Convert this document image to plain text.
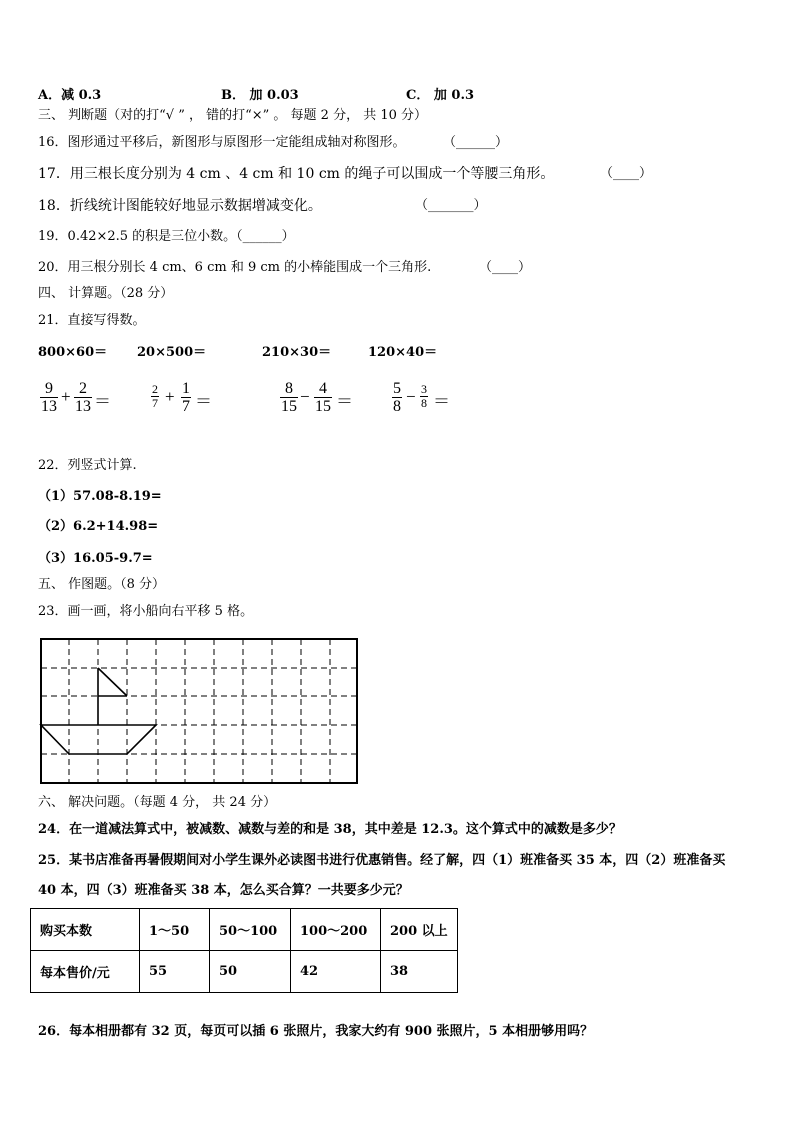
A．减 0.3	B． 加 0.03	C． 加 0.3
三、 判断题（对的打“√ ” ， 错的打“×” 。 每题 2 分， 共 10 分）
16．图形通过平移后，新图形与原图形一定能组成轴对称图形。	（______）
17．用三根长度分别为 4 cm 、4 cm 和 10 cm 的绳子可以围成一个等腰三角形。	（____）
18．折线统计图能较好地显示数据增减变化。	（_______）
19．0.42×2.5 的积是三位小数。（______）
20．用三根分别长 4 cm、6 cm 和 9 cm 的小棒能围成一个三角形.	（____）
四、 计算题。（28 分）
21．直接写得数。
800×60＝ 20×500＝	210×30＝	120×40＝
9
13
+ 2
13 ＝
2
7 + 1
7 ＝
8
15
− 4
15 ＝
5
8
− 3
8 ＝
22．列竖式计算.
（1）57.08-8.19=
（2）6.2+14.98=
（3）16.05-9.7=
五、 作图题。（8 分）
23．画一画，将小船向右平移 5 格。
六、 解决问题。（每题 4 分， 共 24 分）
24．在一道减法算式中，被减数、减数与差的和是 38，其中差是 12.3。这个算式中的减数是多少？
25．某书店准备再暑假期间对小学生课外必读图书进行优惠销售。经了解，四（1）班准备买 35 本，四（2）班准备买
40 本，四（3）班准备买 38 本，怎么买合算？一共要多少元？
购买本数	1～50	50～100	100～200	200 以上
每本售价/元	55	50	42	38
26．每本相册都有 32 页，每页可以插 6 张照片，我家大约有 900 张照片，5 本相册够用吗？
